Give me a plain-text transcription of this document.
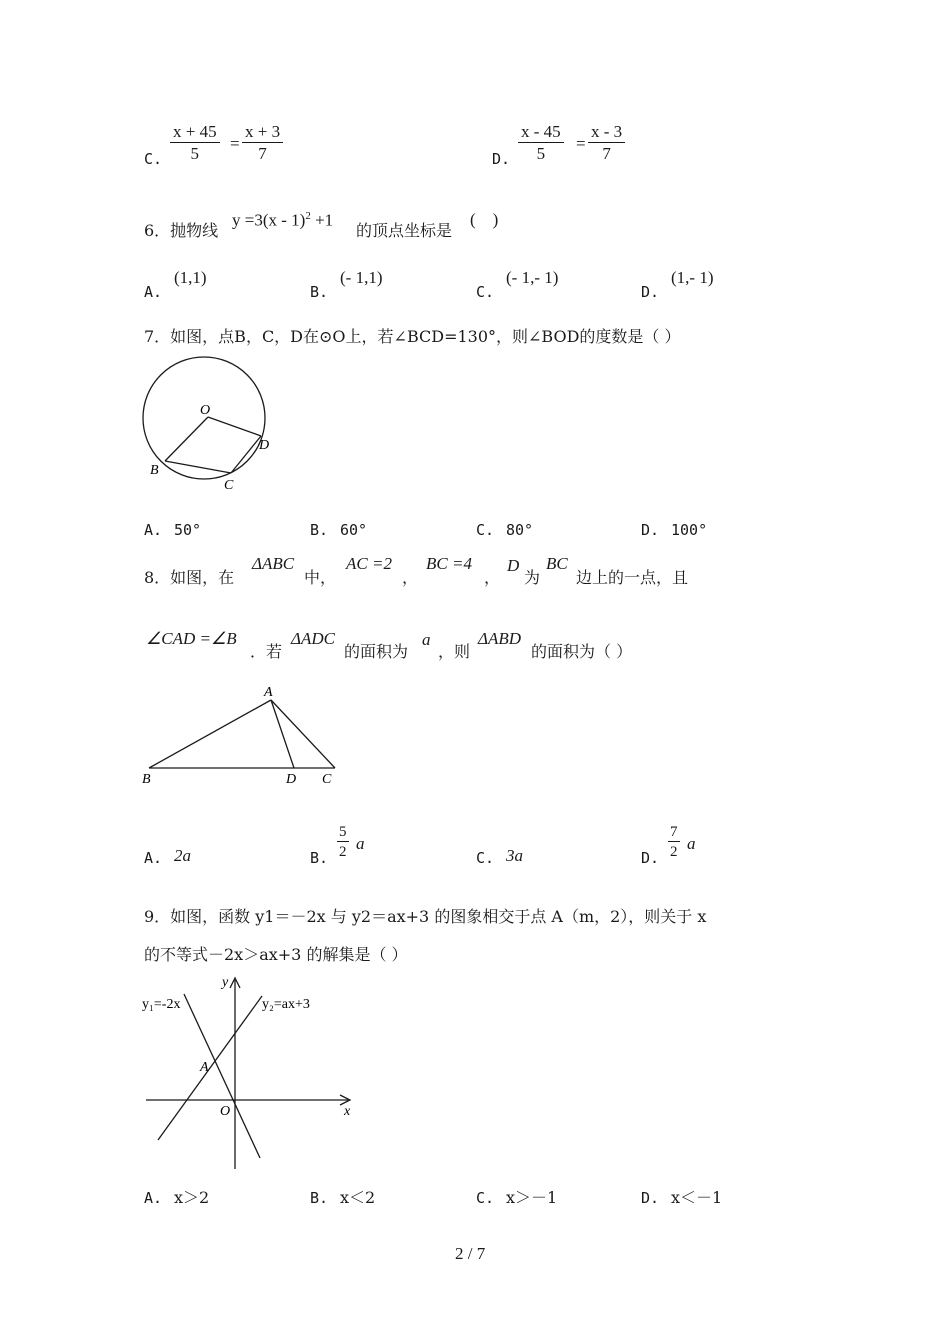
C. $\frac{x + 45}{5} = \frac{x + 3}{7}$	D. $\frac{x - 45}{5} = \frac{x - 3}{7}$
6．抛物线
y =3(x - 1)$^2$ +1
的顶点坐标是
(    )
A.
(1,1)
B.
(- 1,1)
C.
(- 1,- 1)
D.
(1,- 1)
7．如图，点B，C，D在⊙O上，若∠BCD=130°，则∠BOD的度数是（ ）
O
B
C
D
A. 50°	B. 60°	C. 80°	D. 100°
8．如图，在
ΔABC
中，
AC =2
，
BC =4
，
D
为
BC
边上的一点，且
∠CAD =∠B
．若
ΔADC
的面积为
a
，则
ΔABD
的面积为（ ）
A
B	D C
A. 2a	B. $\frac{5}{2}$ a
C. 3a	D. $\frac{7}{2}$ a
9．如图，函数 y1＝－2x 与 y2＝ax+3 的图象相交于点 A（m，2），则关于 x
的不等式－2x＞ax+3 的解集是（ ）
y₁=-2x	y₂=ax+3
y
x
A
O
A. x＞2	B. x＜2	C. x＞－1	D. x＜－1
2 / 7
